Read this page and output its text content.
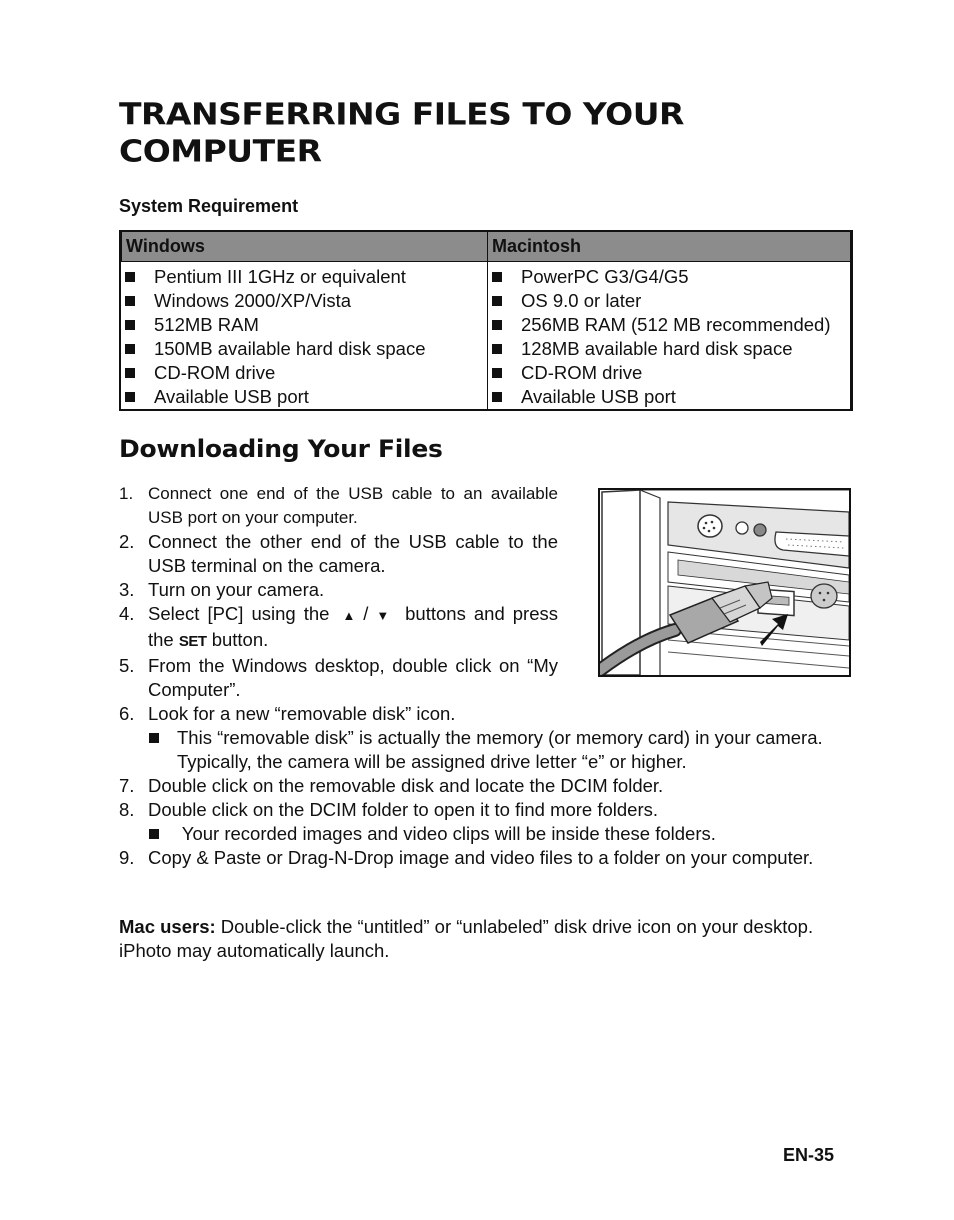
TRANSFERRING FILES TO YOUR
COMPUTER
System Requirement
Windows
Pentium III 1GHz or equivalent
Windows 2000/XP/Vista
512MB RAM
150MB available hard disk space
CD-ROM drive
Available USB port
Macintosh
PowerPC G3/G4/G5
OS 9.0 or later
256MB RAM (512 MB recommended)
128MB available hard disk space
CD-ROM drive
Available USB port
Downloading Your Files
1. Connect one end of the USB cable to an available USB port on your computer.
2. Connect the other end of the USB cable to the USB terminal on the camera.
3. Turn on your camera.
4. Select [PC] using the ▲ / ▼ buttons and press the SET button.
5. From the Windows desktop, double click on “My Computer”.
6. Look for a new “removable disk” icon.
This “removable disk” is actually the memory (or memory card) in your camera. Typically, the camera will be assigned drive letter “e” or higher.
7. Double click on the removable disk and locate the DCIM folder.
8. Double click on the DCIM folder to open it to find more folders.
Your recorded images and video clips will be inside these folders.
9. Copy & Paste or Drag-N-Drop image and video files to a folder on your computer.

Mac users: Double-click the “untitled” or “unlabeled” disk drive icon on your desktop. iPhoto may automatically launch.

EN-35
